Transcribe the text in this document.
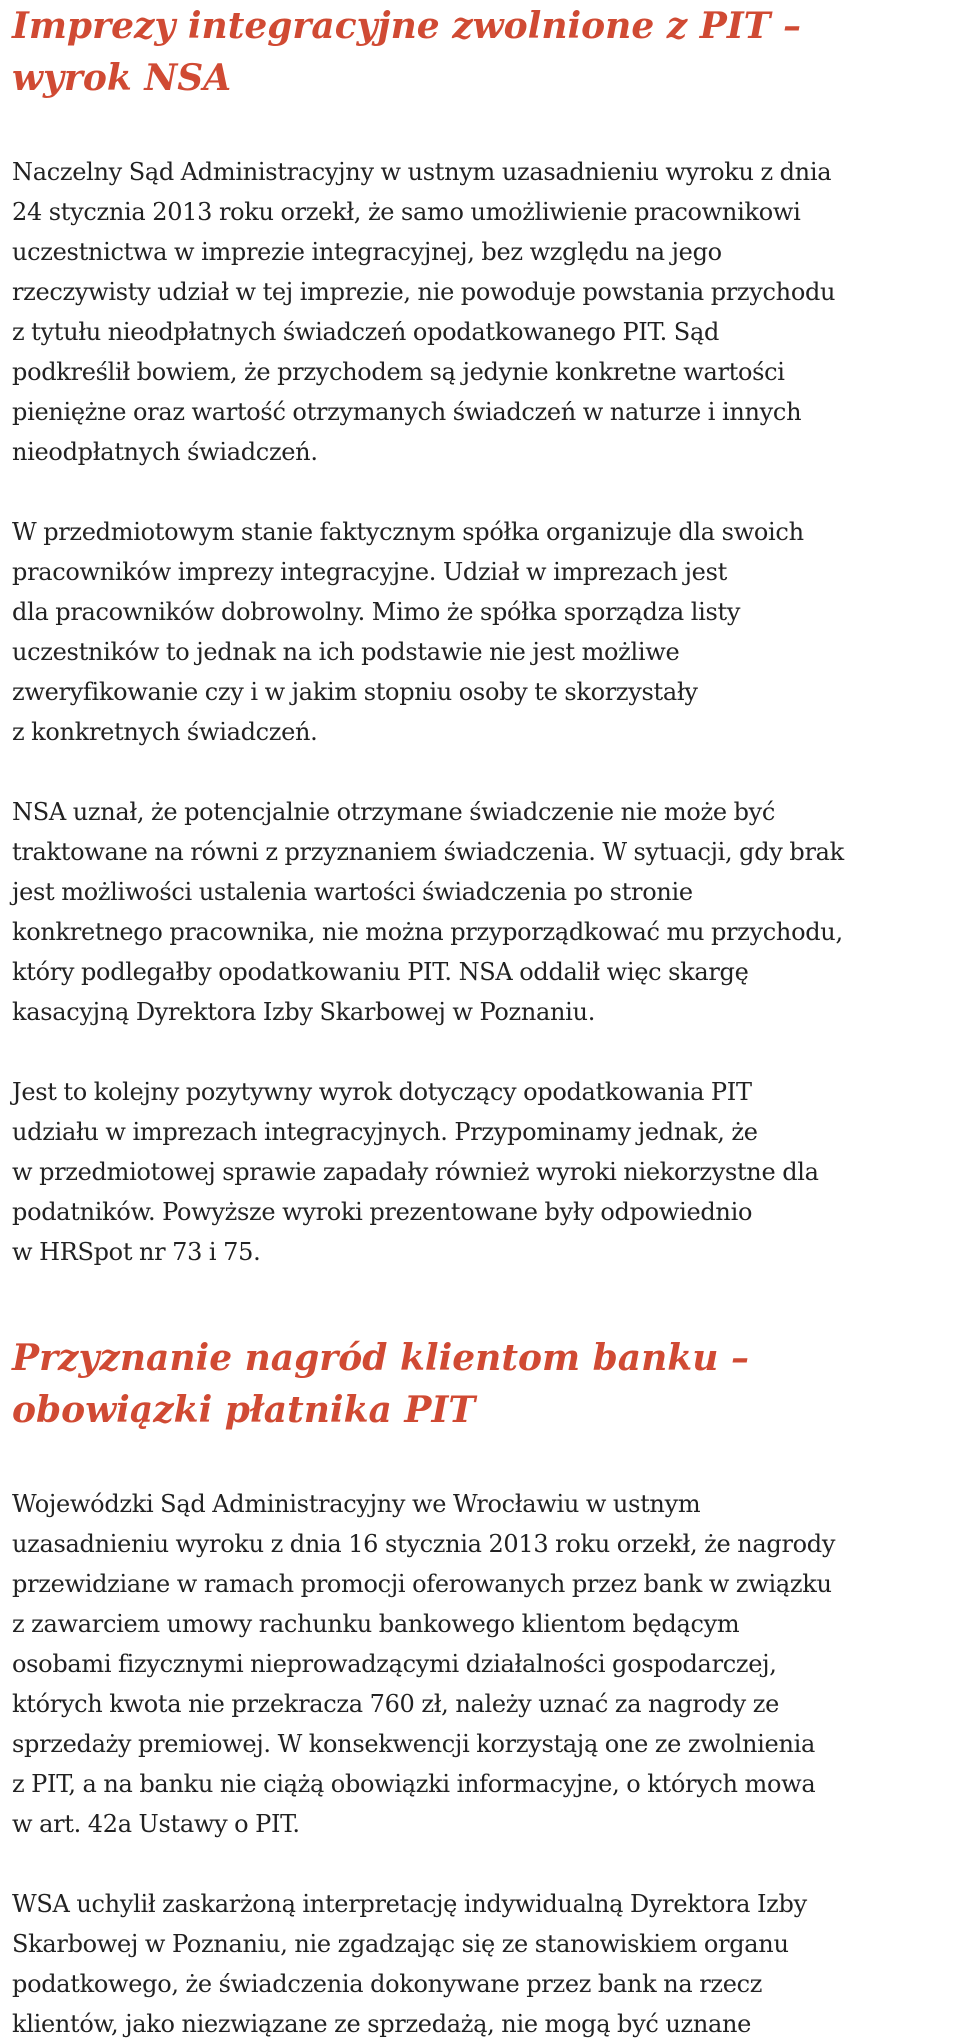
Imprezy integracyjne zwolnione z PIT –
wyrok NSA

Naczelny Sąd Administracyjny w ustnym uzasadnieniu wyroku z dnia
24 stycznia 2013 roku orzekł, że samo umożliwienie pracownikowi
uczestnictwa w imprezie integracyjnej, bez względu na jego
rzeczywisty udział w tej imprezie, nie powoduje powstania przychodu
z tytułu nieodpłatnych świadczeń opodatkowanego PIT. Sąd
podkreślił bowiem, że przychodem są jedynie konkretne wartości
pieniężne oraz wartość otrzymanych świadczeń w naturze i innych
nieodpłatnych świadczeń.

W przedmiotowym stanie faktycznym spółka organizuje dla swoich
pracowników imprezy integracyjne. Udział w imprezach jest
dla pracowników dobrowolny. Mimo że spółka sporządza listy
uczestników to jednak na ich podstawie nie jest możliwe
zweryfikowanie czy i w jakim stopniu osoby te skorzystały
z konkretnych świadczeń.

NSA uznał, że potencjalnie otrzymane świadczenie nie może być
traktowane na równi z przyznaniem świadczenia. W sytuacji, gdy brak
jest możliwości ustalenia wartości świadczenia po stronie
konkretnego pracownika, nie można przyporządkować mu przychodu,
który podlegałby opodatkowaniu PIT. NSA oddalił więc skargę
kasacyjną Dyrektora Izby Skarbowej w Poznaniu.

Jest to kolejny pozytywny wyrok dotyczący opodatkowania PIT
udziału w imprezach integracyjnych. Przypominamy jednak, że
w przedmiotowej sprawie zapadały również wyroki niekorzystne dla
podatników. Powyższe wyroki prezentowane były odpowiednio
w HRSpot nr 73 i 75.

Przyznanie nagród klientom banku –
obowiązki płatnika PIT

Wojewódzki Sąd Administracyjny we Wrocławiu w ustnym
uzasadnieniu wyroku z dnia 16 stycznia 2013 roku orzekł, że nagrody
przewidziane w ramach promocji oferowanych przez bank w związku
z zawarciem umowy rachunku bankowego klientom będącym
osobami fizycznymi nieprowadzącymi działalności gospodarczej,
których kwota nie przekracza 760 zł, należy uznać za nagrody ze
sprzedaży premiowej. W konsekwencji korzystają one ze zwolnienia
z PIT, a na banku nie ciążą obowiązki informacyjne, o których mowa
w art. 42a Ustawy o PIT.

WSA uchylił zaskarżoną interpretację indywidualną Dyrektora Izby
Skarbowej w Poznaniu, nie zgadzając się ze stanowiskiem organu
podatkowego, że świadczenia dokonywane przez bank na rzecz
klientów, jako niezwiązane ze sprzedażą, nie mogą być uznane
